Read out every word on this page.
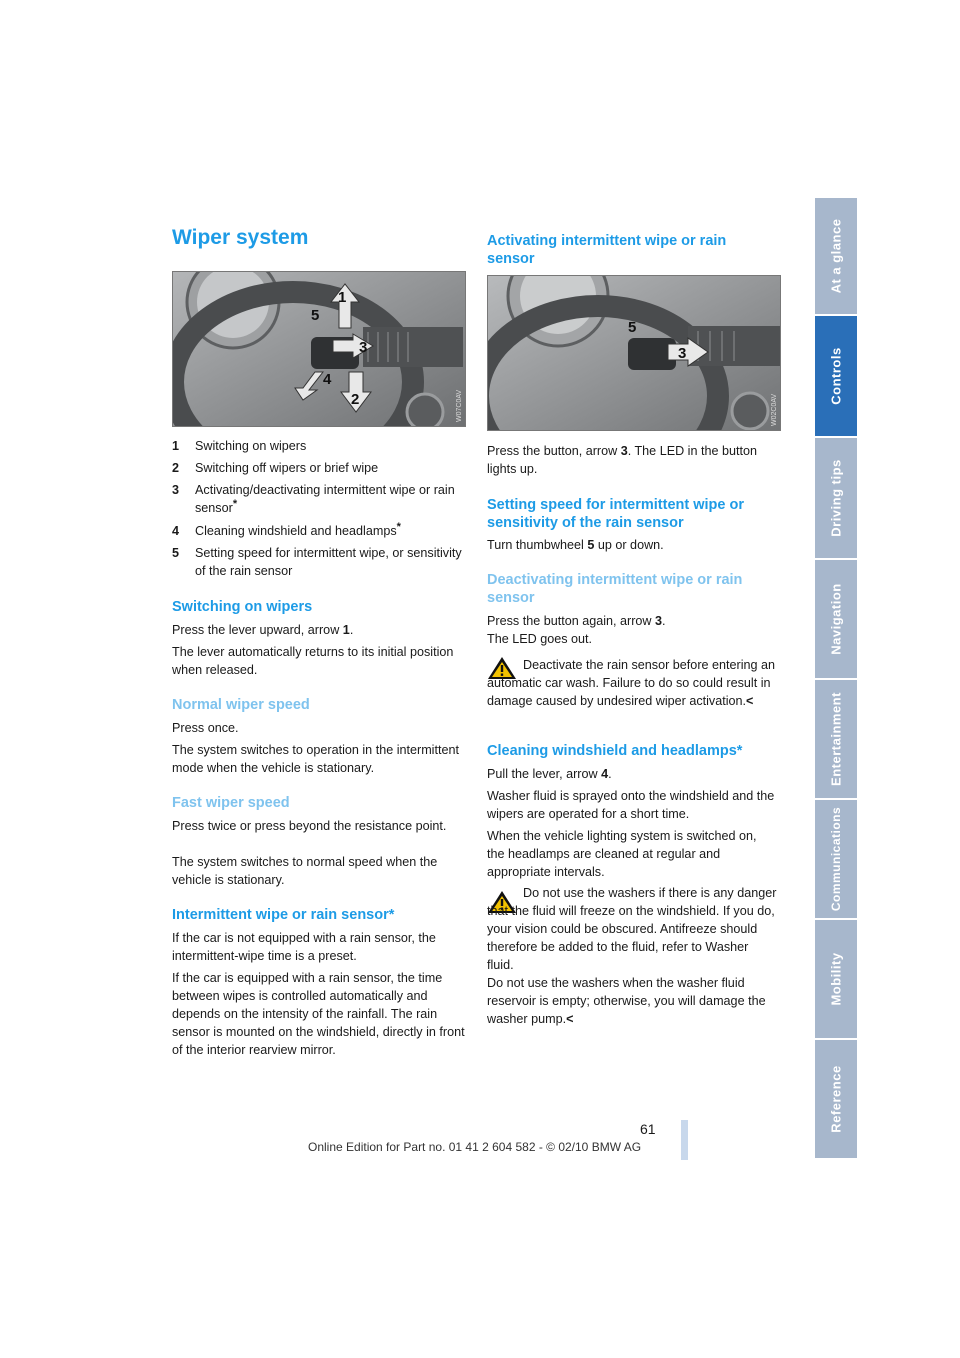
Reference
Mobility
Communications
Entertainment
Navigation
Driving tips
Controls
At a glance
Wiper system
1
2
3
4
5
W07C0AV
1	Switching on wipers
2	Switching off wipers or brief wipe
3	Activating/deactivating intermittent wipe or rain sensor*
4	Cleaning windshield and headlamps*
5	Setting speed for intermittent wipe, or sensitivity of the rain sensor
Switching on wipers

Press the lever upward, arrow 1.

The lever automatically returns to its initial position when released.

Normal wiper speed

Press once.

The system switches to operation in the intermittent mode when the vehicle is stationary.

Fast wiper speed

Press twice or press beyond the resistance point.

The system switches to normal speed when the vehicle is stationary.

Intermittent wipe or rain sensor*

If the car is not equipped with a rain sensor, the intermittent-wipe time is a preset.

If the car is equipped with a rain sensor, the time between wipes is controlled automatically and depends on the intensity of the rainfall. The rain sensor is mounted on the windshield, directly in front of the interior rearview mirror.

Activating intermittent wipe or rain sensor
5
3
W02C0AV

Press the button, arrow 3. The LED in the button lights up.

Setting speed for intermittent wipe or sensitivity of the rain sensor

Turn thumbwheel 5 up or down.

Deactivating intermittent wipe or rain sensor

Press the button again, arrow 3.

The LED goes out.

Deactivate the rain sensor before entering an automatic car wash. Failure to do so could result in damage caused by undesired wiper activation.<

Cleaning windshield and headlamps*

Pull the lever, arrow 4.

Washer fluid is sprayed onto the windshield and the wipers are operated for a short time.

When the vehicle lighting system is switched on, the headlamps are cleaned at regular and appropriate intervals.

Do not use the washers if there is any danger that the fluid will freeze on the windshield. If you do, your vision could be obscured. Antifreeze should therefore be added to the fluid, refer to Washer fluid.

Do not use the washers when the washer fluid reservoir is empty; otherwise, you will damage the washer pump.<

61
Online Edition for Part no. 01 41 2 604 582 - © 02/10 BMW AG
